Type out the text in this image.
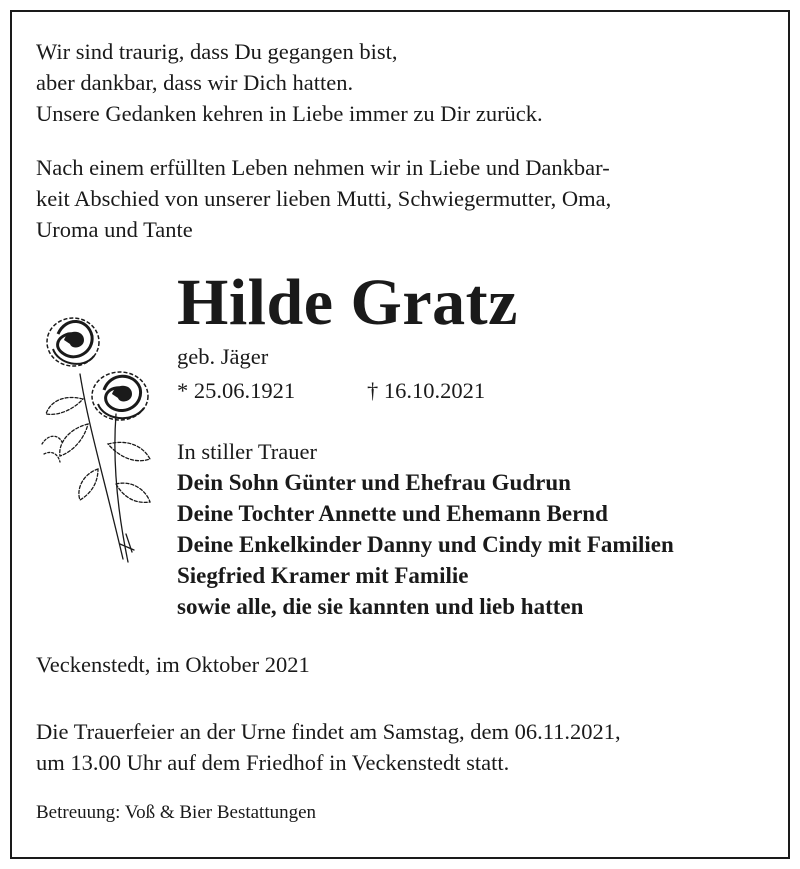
Wir sind traurig, dass Du gegangen bist,
aber dankbar, dass wir Dich hatten.
Unsere Gedanken kehren in Liebe immer zu Dir zurück.
Nach einem erfüllten Leben nehmen wir in Liebe und Dankbar-
keit Abschied von unserer lieben Mutti, Schwiegermutter, Oma,
Uroma und Tante
Hilde Gratz
geb. Jäger
* 25.06.1921	† 16.10.2021
In stiller Trauer
Dein Sohn Günter und Ehefrau Gudrun
Deine Tochter Annette und Ehemann Bernd
Deine Enkelkinder Danny und Cindy mit Familien
Siegfried Kramer mit Familie
sowie alle, die sie kannten und lieb hatten
Veckenstedt, im Oktober 2021
Die Trauerfeier an der Urne findet am Samstag, dem 06.11.2021,
um 13.00 Uhr auf dem Friedhof in Veckenstedt statt.
Betreuung: Voß & Bier Bestattungen
